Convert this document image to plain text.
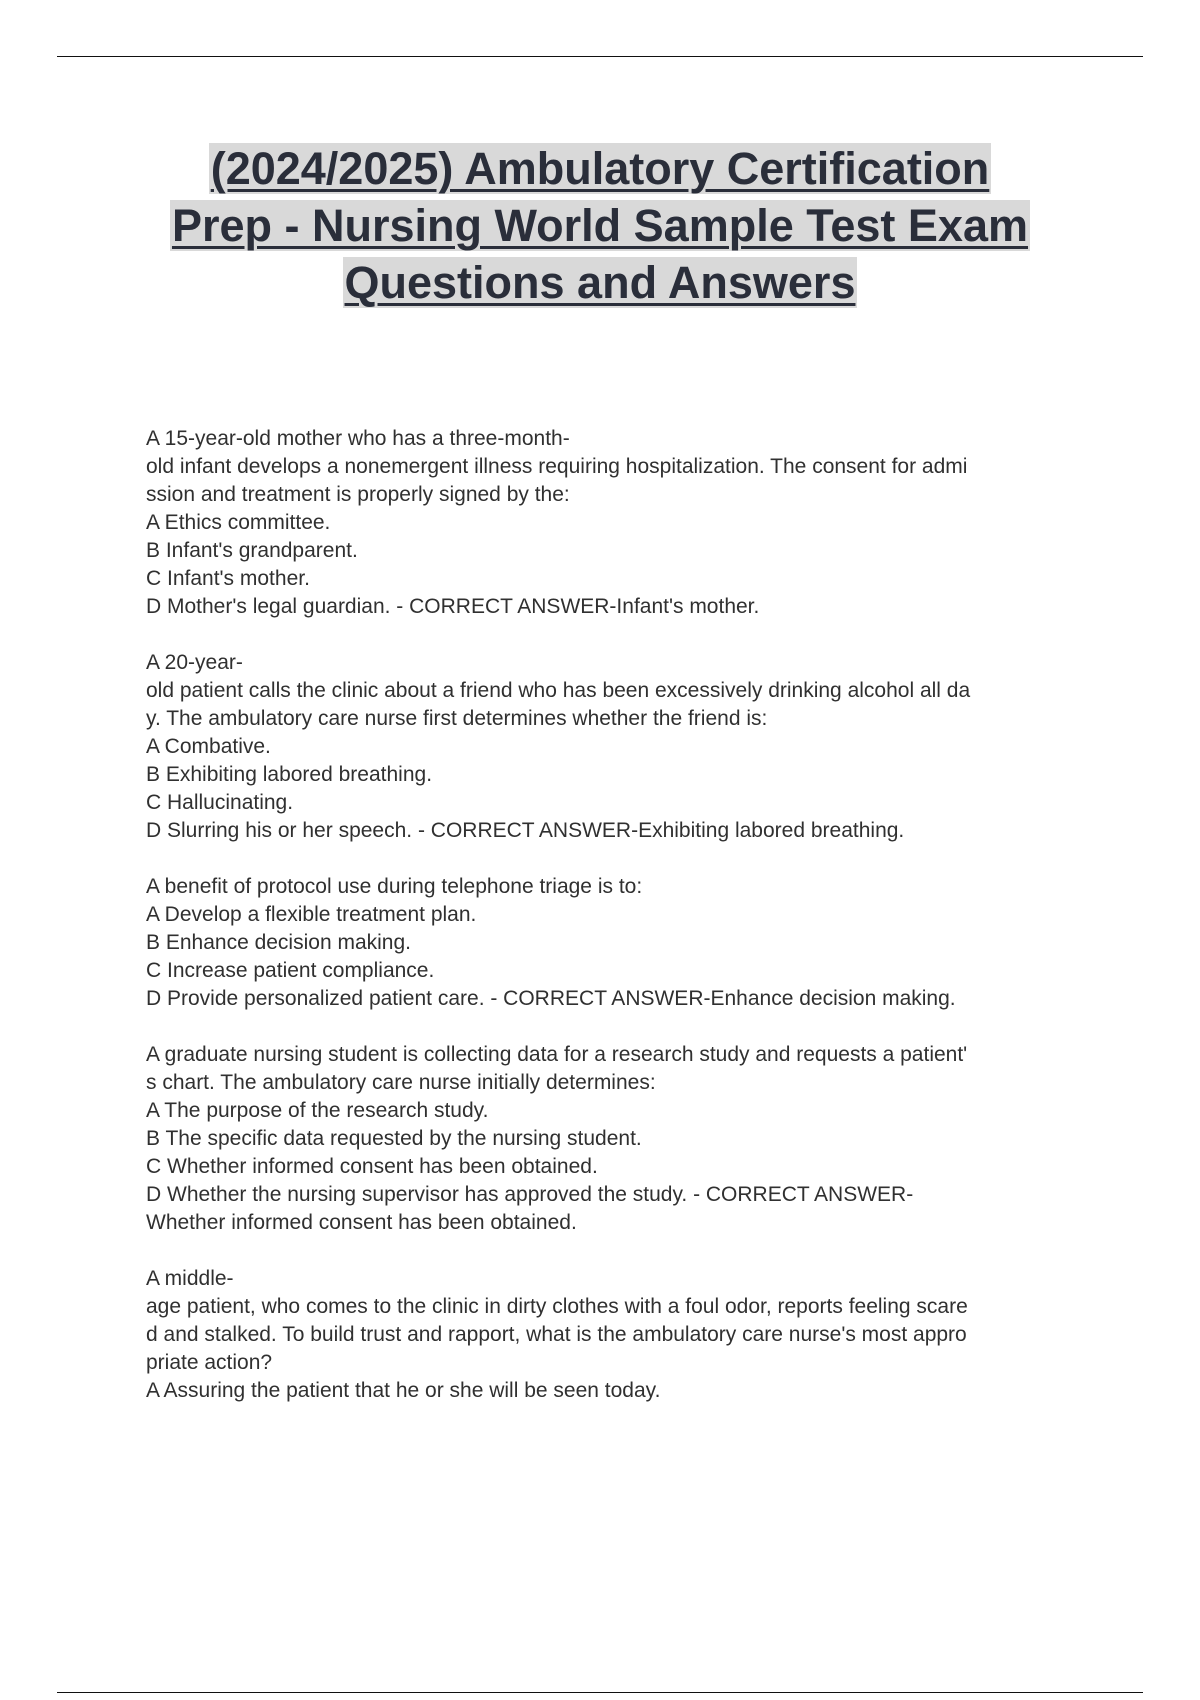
(2024/2025) Ambulatory Certification
Prep - Nursing World Sample Test Exam
Questions and Answers
A 15-year-old mother who has a three-month-
old infant develops a nonemergent illness requiring hospitalization. The consent for admi
ssion and treatment is properly signed by the:
A Ethics committee.
B Infant's grandparent.
C Infant's mother.
D Mother's legal guardian. - CORRECT ANSWER-Infant's mother.
A 20-year-
old patient calls the clinic about a friend who has been excessively drinking alcohol all da
y. The ambulatory care nurse first determines whether the friend is:
A Combative.
B Exhibiting labored breathing.
C Hallucinating.
D Slurring his or her speech. - CORRECT ANSWER-Exhibiting labored breathing.
A benefit of protocol use during telephone triage is to:
A Develop a flexible treatment plan.
B Enhance decision making.
C Increase patient compliance.
D Provide personalized patient care. - CORRECT ANSWER-Enhance decision making.
A graduate nursing student is collecting data for a research study and requests a patient'
s chart. The ambulatory care nurse initially determines:
A The purpose of the research study.
B The specific data requested by the nursing student.
C Whether informed consent has been obtained.
D Whether the nursing supervisor has approved the study. - CORRECT ANSWER-
Whether informed consent has been obtained.
A middle-
age patient, who comes to the clinic in dirty clothes with a foul odor, reports feeling scare
d and stalked. To build trust and rapport, what is the ambulatory care nurse's most appro
priate action?
A Assuring the patient that he or she will be seen today.
